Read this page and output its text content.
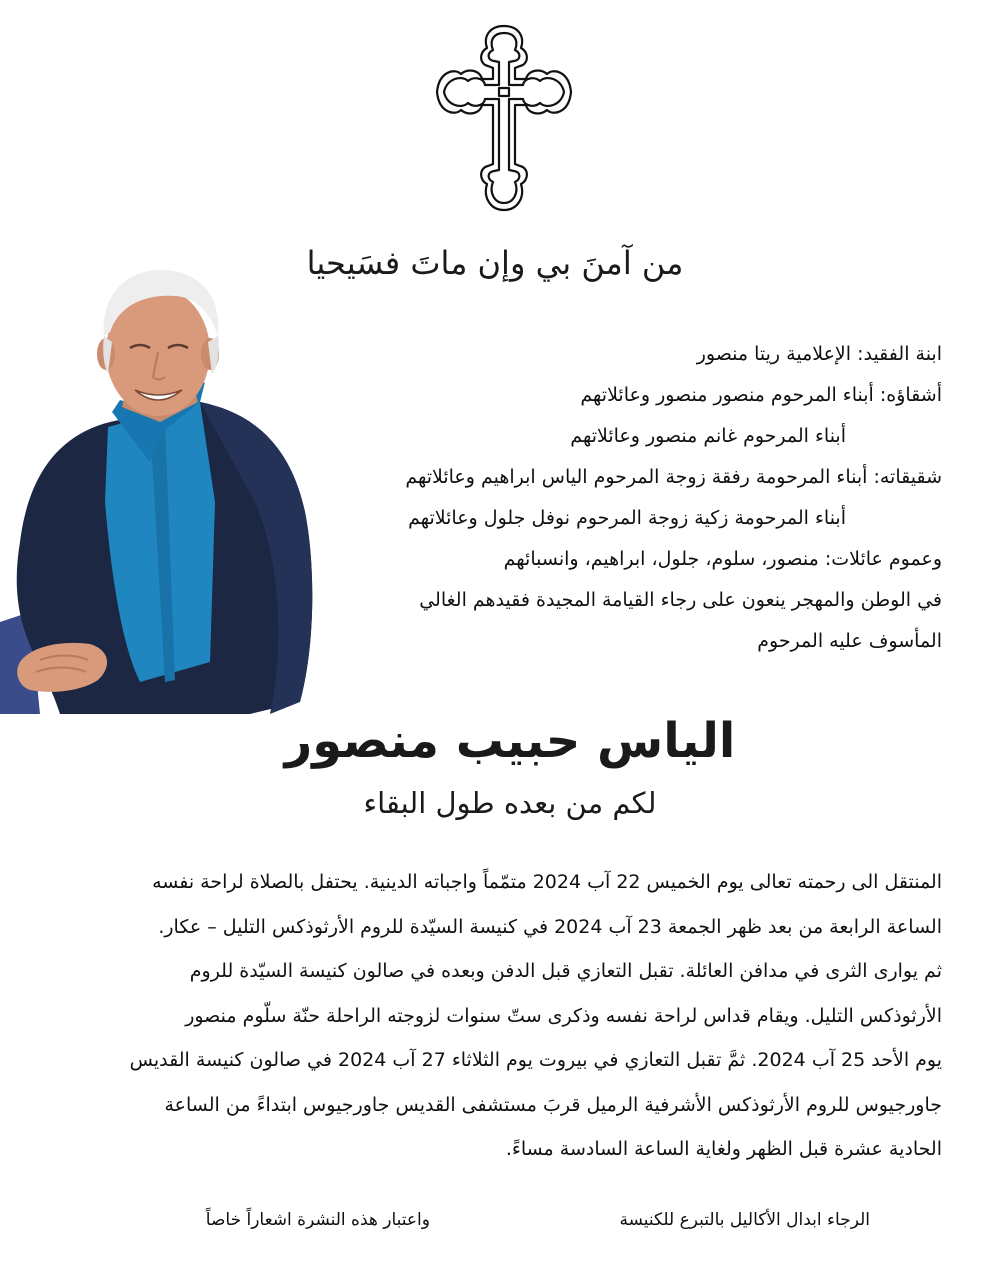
من آمنَ بي وإن ماتَ فسَيحيا
ابنة الفقيد: الإعلامية ريتا منصور
أشقاؤه: أبناء المرحوم منصور منصور وعائلاتهم
أبناء المرحوم غانم منصور وعائلاتهم
شقيقاته: أبناء المرحومة رفقة زوجة المرحوم الياس ابراهيم وعائلاتهم
أبناء المرحومة زكية زوجة المرحوم نوفل جلول وعائلاتهم
وعموم عائلات: منصور، سلوم، جلول، ابراهيم، وانسبائهم
في الوطن والمهجر ينعون على رجاء القيامة المجيدة فقيدهم الغالي
المأسوف عليه المرحوم
الياس حبيب منصور
لكم من بعده طول البقاء
المنتقل الى رحمته تعالى يوم الخميس 22 آب 2024 متمّماً واجباته الدينية. يحتفل بالصلاة لراحة نفسه
الساعة الرابعة من بعد ظهر الجمعة 23 آب 2024 في كنيسة السيّدة للروم الأرثوذكس التليل – عكار.
ثم يوارى الثرى في مدافن العائلة. تقبل التعازي قبل الدفن وبعده في صالون كنيسة السيّدة للروم
الأرثوذكس التليل. ويقام قداس لراحة نفسه وذكرى ستّ سنوات لزوجته الراحلة حنّة سلّوم منصور
يوم الأحد 25 آب 2024. ثمَّ تقبل التعازي في بيروت يوم الثلاثاء 27 آب 2024 في صالون كنيسة القديس
جاورجيوس للروم الأرثوذكس الأشرفية الرميل قربَ مستشفى القديس جاورجيوس ابتداءً من الساعة
الحادية عشرة قبل الظهر ولغاية الساعة السادسة مساءً.
الرجاء ابدال الأكاليل بالتبرع للكنيسة
واعتبار هذه النشرة اشعاراً خاصاً
